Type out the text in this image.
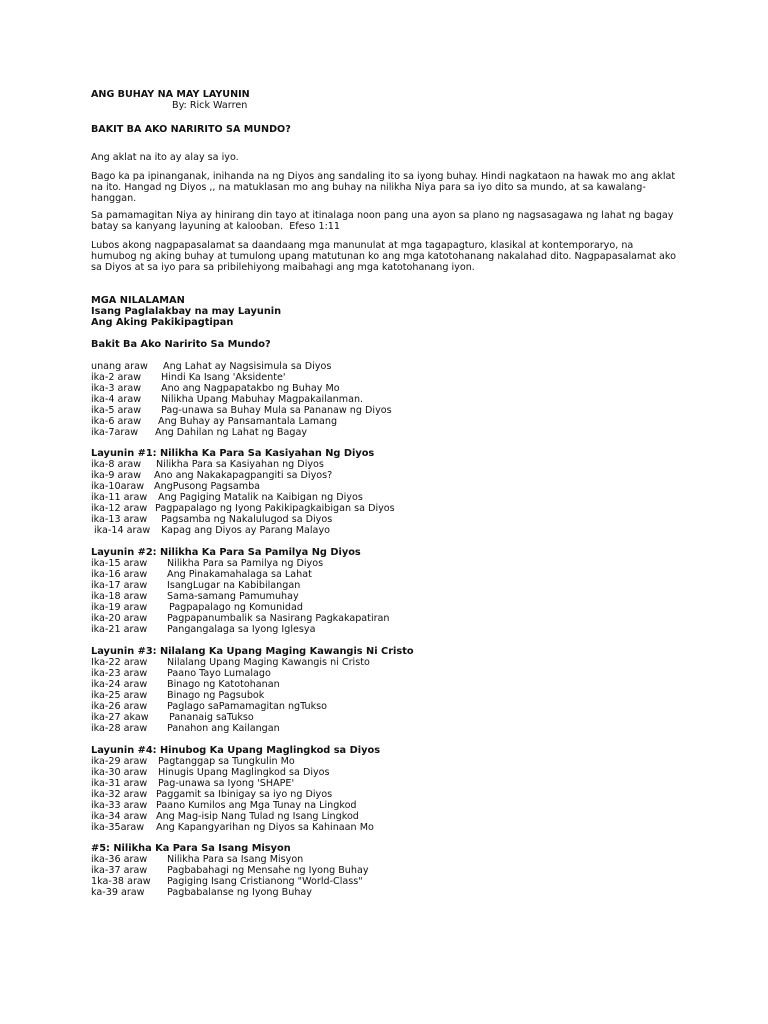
ANG BUHAY NA MAY LAYUNIN
By: Rick Warren
BAKIT BA AKO NARIRITO SA MUNDO?
Ang aklat na ito ay alay sa iyo.
Bago ka pa ipinanganak, inihanda na ng Diyos ang sandaling ito sa iyong buhay. Hindi nagkataon na hawak mo ang aklat na ito. Hangad ng Diyos ,, na matuklasan mo ang buhay na nilikha Niya para sa iyo dito sa mundo, at sa kawalang-hanggan.
Sa pamamagitan Niya ay hinirang din tayo at itinalaga noon pang una ayon sa plano ng nagsasagawa ng lahat ng bagay batay sa kanyang layuning at kalooban.  Efeso 1:11
Lubos akong nagpapasalamat sa daandaang mga manunulat at mga tagapagturo, klasikal at kontemporaryo, na humubog ng aking buhay at tumulong upang matutunan ko ang mga katotohanang nakalahad dito. Nagpapasalamat ako sa Diyos at sa iyo para sa pribilehiyong maibahagi ang mga katotohanang iyon.
MGA NILALAMAN
Isang Paglalakbay na may Layunin
Ang Aking Pakikipagtipan
Bakit Ba Ako Naririto Sa Mundo?
unang araw Ang Lahat ay Nagsisimula sa Diyos
ika-2 araw Hindi Ka Isang 'Aksidente'
ika-3 araw Ano ang Nagpapatakbo ng Buhay Mo
ika-4 araw Nilikha Upang Mabuhay Magpakailanman.
ika-5 araw Pag-unawa sa Buhay Mula sa Pananaw ng Diyos
ika-6 araw Ang Buhay ay Pansamantala Lamang
ika-7araw Ang Dahilan ng Lahat ng Bagay
Layunin #1: Nilikha Ka Para Sa Kasiyahan Ng Diyos
ika-8 araw Nilikha Para sa Kasiyahan ng Diyos
ika-9 araw Ano ang Nakakapagpangiti sa Diyos?
ika-10araw AngPusong Pagsamba
ika-11 araw Ang Pagiging Matalik na Kaibigan ng Diyos
ika-12 araw Pagpapalago ng Iyong Pakikipagkaibigan sa Diyos
ika-13 araw Pagsamba ng Nakalulugod sa Diyos
ika-14 araw Kapag ang Diyos ay Parang Malayo
Layunin #2: Nilikha Ka Para Sa Pamilya Ng Diyos
ika-15 araw Nilikha Para sa Pamilya ng Diyos
ika-16 araw Ang Pinakamahalaga sa Lahat
ika-17 araw IsangLugar na Kabibilangan
ika-18 araw Sama-samang Pamumuhay
ika-19 araw Pagpapalago ng Komunidad
ika-20 araw Pagpapanumbalik sa Nasirang Pagkakapatiran
ika-21 araw Pangangalaga sa Iyong Iglesya
Layunin #3: Nilalang Ka Upang Maging Kawangis Ni Cristo
Ika-22 araw Nilalang Upang Maging Kawangis ni Cristo
ika-23 araw Paano Tayo Lumalago
ika-24 araw Binago ng Katotohanan
ika-25 araw Binago ng Pagsubok
ika-26 araw Paglago saPamamagitan ngTukso
ika-27 akaw Pananaig saTukso
ika-28 araw Panahon ang Kailangan
Layunin #4: Hinubog Ka Upang Maglingkod sa Diyos
ika-29 araw Pagtanggap sa Tungkulin Mo
ika-30 araw Hinugis Upang Maglingkod sa Diyos
ika-31 araw Pag-unawa sa Iyong 'SHAPE'
ika-32 araw Paggamit sa Ibinigay sa iyo ng Diyos
ika-33 araw Paano Kumilos ang Mga Tunay na Lingkod
ika-34 araw Ang Mag-isip Nang Tulad ng Isang Lingkod
ika-35araw Ang Kapangyarihan ng Diyos sa Kahinaan Mo
#5: Nilikha Ka Para Sa Isang Misyon
ika-36 araw Nilikha Para sa Isang Misyon
ika-37 araw Pagbabahagi ng Mensahe ng Iyong Buhay
1ka-38 araw Pagiging Isang Cristianong "World-Class"
ka-39 araw Pagbabalanse ng Iyong Buhay
